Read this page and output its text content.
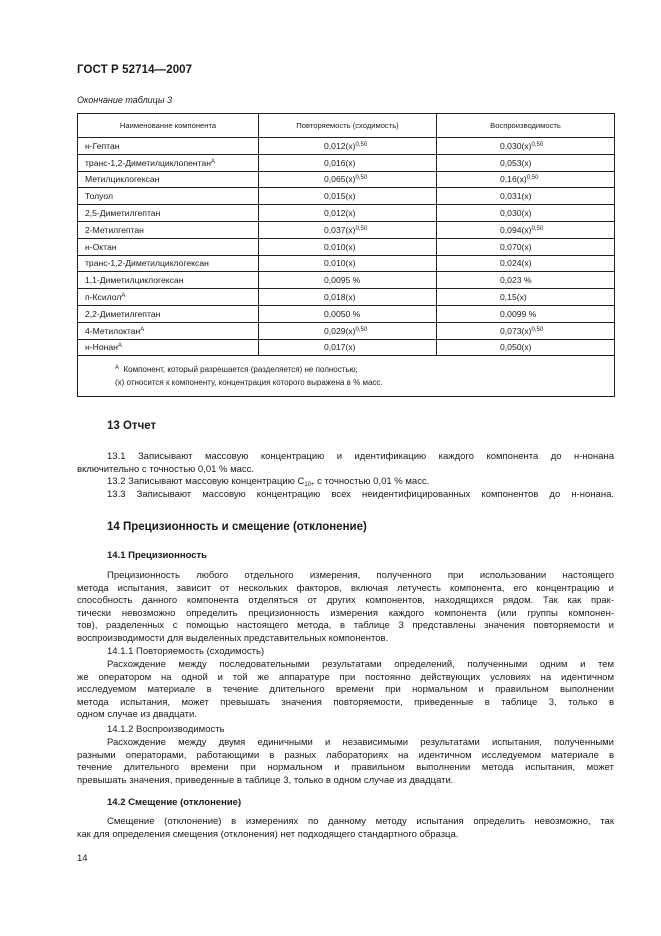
ГОСТ Р 52714—2007
Окончание таблицы 3
Наименование компонента	Повторяемость (сходимость)	Воспроизводимость
н-Гептан	$0,012(х)^{0,50}$	$0,030(х)^{0,50}$
транс-1,2-Диметилциклопентан$^А$	0,016(х)	0,053(х)
Метилциклогексан	$0,065(х)^{0,50}$	$0,16(х)^{0,50}$
Толуол	0,015(х)	0,031(х)
2,5-Диметилгептан	0,012(х)	0,030(х)
2-Метилгептан	$0,037(х)^{0,50}$	$0,094(х)^{0,50}$
н-Октан	0,010(х)	0,070(х)
транс-1,2-Диметилциклогексан	0,010(х)	0,024(х)
1,1-Диметилциклогексан	0,0095 %	0,023 %
п-Ксилол$^А$	0,018(х)	0,15(х)
2,2-Диметилгептан	0,0050 %	0,0099 %
4-Метилоктан$^А$	$0,029(х)^{0,50}$	$0,073(х)^{0,50}$
н-Нонан$^А$	0,017(х)	0,050(х)
$^А$ Компонент, который разрешается (разделяется) не полностью;
(х) относится к компоненту, концентрация которого выражена в % масс.		
13 Отчет
13.1 Записывают массовую концентрацию и идентификацию каждого компонента до н-нонана
включительно с точностью 0,01 % масс.
13.2 Записывают массовую концентрацию $С_{10+}$ с точностью 0,01 % масс.
13.3 Записывают массовую концентрацию всех неидентифицированных компонентов до н-нонана.
14 Прецизионность и смещение (отклонение)
14.1 Прецизионность
Прецизионность любого отдельного измерения, полученного при использовании настоящего
метода испытания, зависит от нескольких факторов, включая летучесть компонента, его концентрацию и
способность данного компонента отделяться от других компонентов, находящихся рядом. Так как прак-
тически невозможно определить прецизионность измерения каждого компонента (или группы компонен-
тов), разделенных с помощью настоящего метода, в таблице 3 представлены значения повторяемости и
воспроизводимости для выделенных представительных компонентов.
14.1.1 Повторяемость (сходимость)
Расхождение между последовательными результатами определений, полученными одним и тем
же оператором на одной и той же аппаратуре при постоянно действующих условиях на идентичном
исследуемом материале в течение длительного времени при нормальном и правильном выполнении
метода испытания, может превышать значения повторяемости, приведенные в таблице 3, только в
одном случае из двадцати.
14.1.2 Воспроизводимость
Расхождение между двумя единичными и независимыми результатами испытания, полученными
разными операторами, работающими в разных лабораториях на идентичном исследуемом материале в
течение длительного времени при нормальном и правильном выполнении метода испытания, может
превышать значения, приведенные в таблице 3, только в одном случае из двадцати.
14.2 Смещение (отклонение)
Смещение (отклонение) в измерениях по данному методу испытания определить невозможно, так
как для определения смещения (отклонения) нет подходящего стандартного образца.
14
